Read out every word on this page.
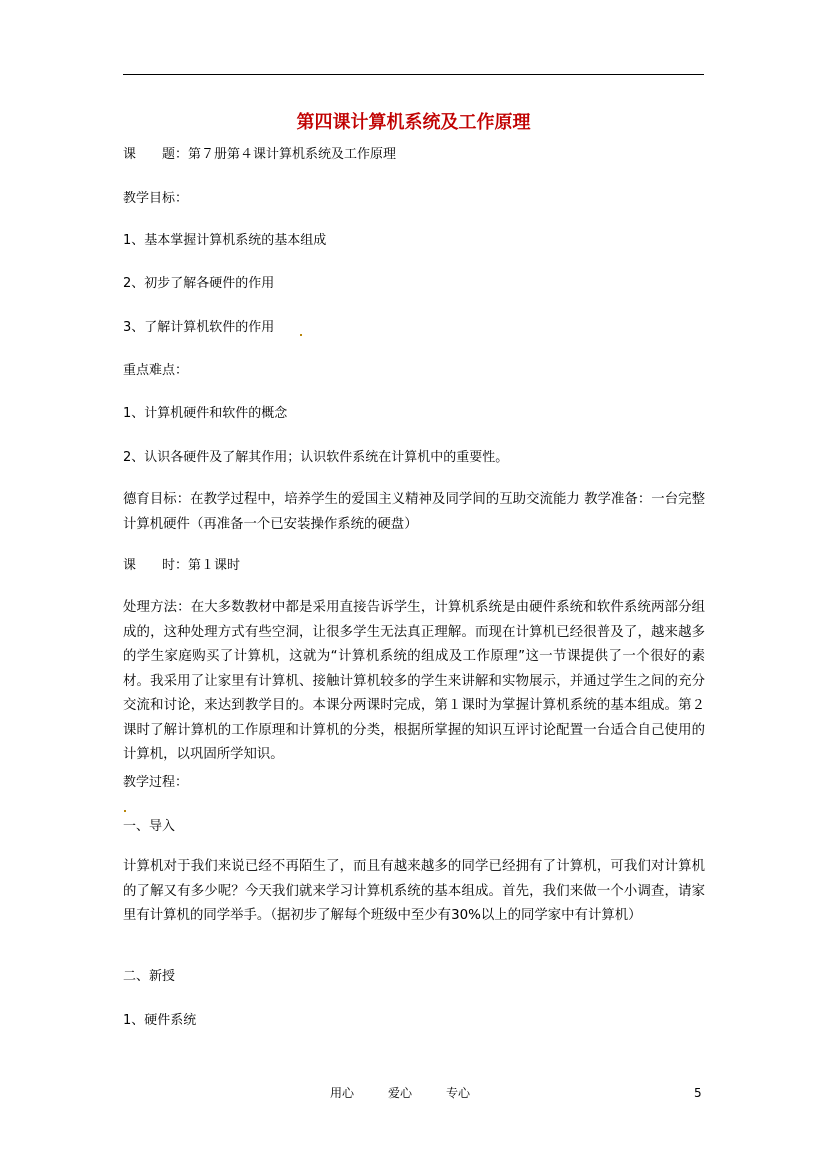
第四课计算机系统及工作原理
课　　题：第７册第４课计算机系统及工作原理
教学目标：
1、基本掌握计算机系统的基本组成
2、初步了解各硬件的作用
3、了解计算机软件的作用
重点难点：
1、计算机硬件和软件的概念
2、认识各硬件及了解其作用；认识软件系统在计算机中的重要性。
德育目标：在教学过程中，培养学生的爱国主义精神及同学间的互助交流能力 教学准备：一台完整计算机硬件（再准备一个已安装操作系统的硬盘）
课　　时：第１课时
处理方法：在大多数教材中都是采用直接告诉学生，计算机系统是由硬件系统和软件系统两部分组成的，这种处理方式有些空洞，让很多学生无法真正理解。而现在计算机已经很普及了，越来越多的学生家庭购买了计算机，这就为“计算机系统的组成及工作原理”这一节课提供了一个很好的素材。我采用了让家里有计算机、接触计算机较多的学生来讲解和实物展示，并通过学生之间的充分交流和讨论，来达到教学目的。本课分两课时完成，第１课时为掌握计算机系统的基本组成。第２课时了解计算机的工作原理和计算机的分类，根据所掌握的知识互评讨论配置一台适合自己使用的计算机，以巩固所学知识。
教学过程：
一、导入
计算机对于我们来说已经不再陌生了，而且有越来越多的同学已经拥有了计算机，可我们对计算机的了解又有多少呢？今天我们就来学习计算机系统的基本组成。首先，我们来做一个小调查，请家里有计算机的同学举手。（据初步了解每个班级中至少有30%以上的同学家中有计算机）
二、新授
1、硬件系统
用心	爱心	专心	5
